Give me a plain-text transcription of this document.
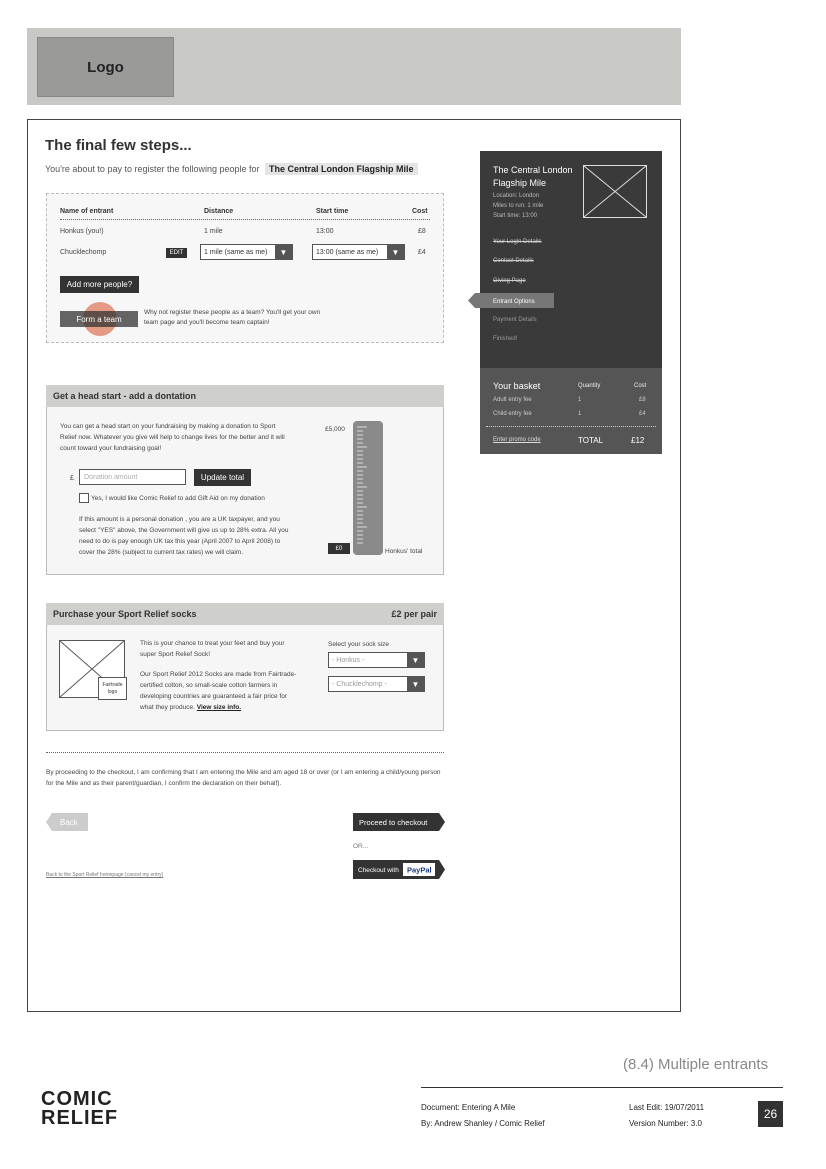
Logo
The final few steps...
You're about to pay to register the following people for The Central London Flagship Mile
Name of entrant	Distance	Start time	Cost
Honkus (you!)	1 mile	13:00	£8
Chucklechomp	EDIT	1 mile (same as me)	▼	13:00 (same as me)	▼	£4
Add more people?
Form a team
Why not register these people as a team? You'll get your own team page and you'll become team captain!
Get a head start - add a dontation
You can get a head start on your fundraising by making a donation to Sport Relief now. Whatever you give will help to change lives for the better and it will count toward your fundraising goal!
£	Donation amount	Update total
Yes, I would like Comic Relief to add Gift Aid on my donation
If this amount is a personal donation , you are a UK taxpayer, and you select "YES" above, the Government will give us up to 28% extra. All you need to do is pay enough UK tax this year (April 2007 to April 2008) to cover the 28% (subject to current tax rates) we will claim.
£5,000
£0	Honkus' total
Purchase your Sport Relief socks	£2 per pair
Fairtrade logo
This is your chance to treat your feet and buy your super Sport Relief Sock!
Our Sport Relief 2012 Socks are made from Fairtrade-certified cotton, so small-scale cotton farmers in developing countries are guaranteed a fair price for what they produce. View size info.
Select your sock size
- Honkus -	▼
- Chucklechomp -	▼
By proceeding to the checkout, I am confirming that I am entering the Mile and am aged 18 or over (or I am entering a child/young person for the Mile and as their parent/guardian, I confirm the declaration on their behalf).
Back	Proceed to checkout
OR...
Checkout with PayPal
Back to the Sport Relief homepage (cancel my entry)
The Central London Flagship Mile
Location: London
Miles to run: 1 mile
Start time: 13:00
Your Login Details
Contact Details
Giving Page
Entrant Options
Payment Details
Finished!
Your basket	Quantity	Cost
Adult entry fee	1	£8
Child entry fee	1	£4
Enter promo code	TOTAL	£12
(8.4) Multiple entrants
COMIC
RELIEF	Document: Entering A Mile
By: Andrew Shanley / Comic Relief
Last Edit: 19/07/2011
Version Number: 3.0
26
